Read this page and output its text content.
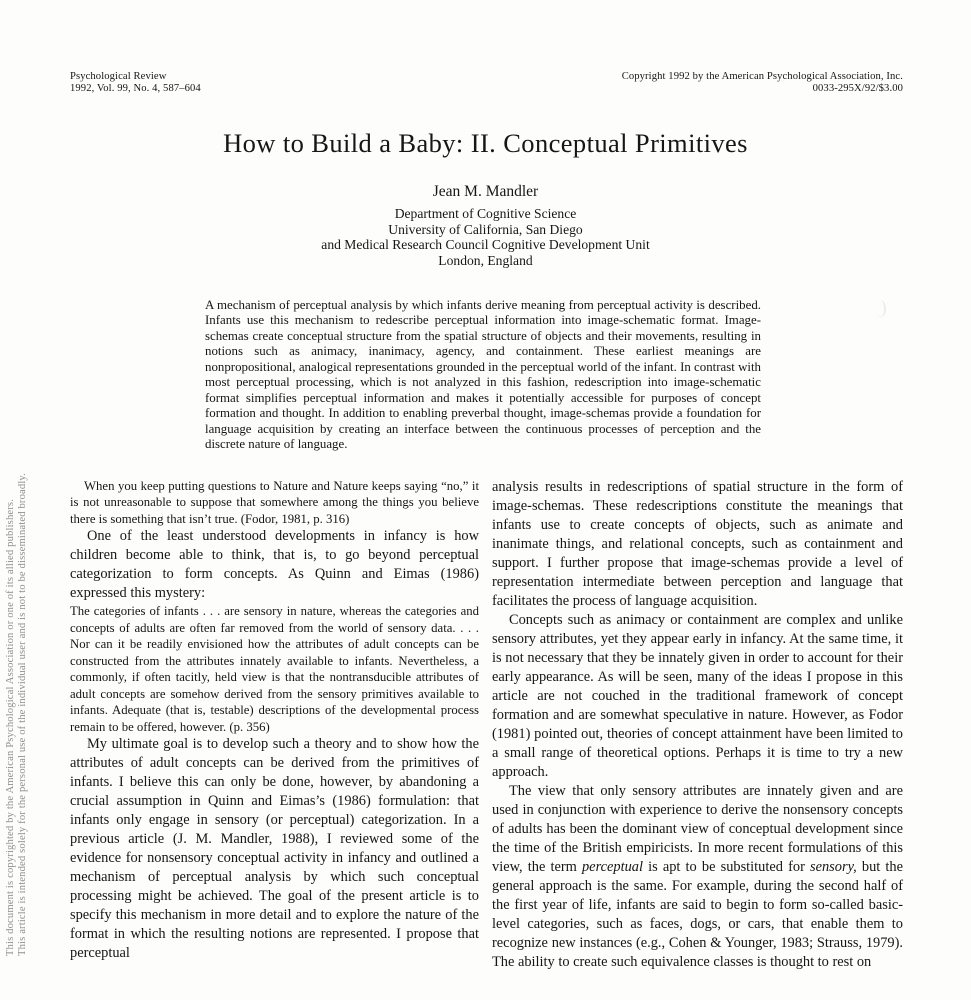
This document is copyrighted by the American Psychological Association or one of its allied publishers. This article is intended solely for the personal use of the individual user and is not to be disseminated broadly.
Psychological Review
1992, Vol. 99, No. 4, 587–604
Copyright 1992 by the American Psychological Association, Inc.
0033-295X/92/$3.00
How to Build a Baby: II. Conceptual Primitives
Jean M. Mandler
Department of Cognitive Science
University of California, San Diego
and Medical Research Council Cognitive Development Unit
London, England
A mechanism of perceptual analysis by which infants derive meaning from perceptual activity is described. Infants use this mechanism to redescribe perceptual information into image-schematic format. Image-schemas create conceptual structure from the spatial structure of objects and their movements, resulting in notions such as animacy, inanimacy, agency, and containment. These earliest meanings are nonpropositional, analogical representations grounded in the perceptual world of the infant. In contrast with most perceptual processing, which is not analyzed in this fashion, redescription into image-schematic format simplifies perceptual information and makes it potentially accessible for purposes of concept formation and thought. In addition to enabling preverbal thought, image-schemas provide a foundation for language acquisition by creating an interface between the continuous processes of perception and the discrete nature of language.

When you keep putting questions to Nature and Nature keeps saying “no,” it is not unreasonable to suppose that somewhere among the things you believe there is something that isn’t true. (Fodor, 1981, p. 316)

One of the least understood developments in infancy is how children become able to think, that is, to go beyond perceptual categorization to form concepts. As Quinn and Eimas (1986) expressed this mystery:

The categories of infants . . . are sensory in nature, whereas the categories and concepts of adults are often far removed from the world of sensory data. . . . Nor can it be readily envisioned how the attributes of adult concepts can be constructed from the attributes innately available to infants. Nevertheless, a commonly, if often tacitly, held view is that the nontransducible attributes of adult concepts are somehow derived from the sensory primitives available to infants. Adequate (that is, testable) descriptions of the developmental process remain to be offered, however. (p. 356)

My ultimate goal is to develop such a theory and to show how the attributes of adult concepts can be derived from the primitives of infants. I believe this can only be done, however, by abandoning a crucial assumption in Quinn and Eimas’s (1986) formulation: that infants only engage in sensory (or perceptual) categorization. In a previous article (J. M. Mandler, 1988), I reviewed some of the evidence for nonsensory conceptual activity in infancy and outlined a mechanism of perceptual analysis by which such conceptual processing might be achieved. The goal of the present article is to specify this mechanism in more detail and to explore the nature of the format in which the resulting notions are represented. I propose that perceptual

analysis results in redescriptions of spatial structure in the form of image-schemas. These redescriptions constitute the meanings that infants use to create concepts of objects, such as animate and inanimate things, and relational concepts, such as containment and support. I further propose that image-schemas provide a level of representation intermediate between perception and language that facilitates the process of language acquisition.

Concepts such as animacy or containment are complex and unlike sensory attributes, yet they appear early in infancy. At the same time, it is not necessary that they be innately given in order to account for their early appearance. As will be seen, many of the ideas I propose in this article are not couched in the traditional framework of concept formation and are somewhat speculative in nature. However, as Fodor (1981) pointed out, theories of concept attainment have been limited to a small range of theoretical options. Perhaps it is time to try a new approach.

The view that only sensory attributes are innately given and are used in conjunction with experience to derive the nonsensory concepts of adults has been the dominant view of conceptual development since the time of the British empiricists. In more recent formulations of this view, the term perceptual is apt to be substituted for sensory, but the general approach is the same. For example, during the second half of the first year of life, infants are said to begin to form so-called basic-level categories, such as faces, dogs, or cars, that enable them to recognize new instances (e.g., Cohen & Younger, 1983; Strauss, 1979). The ability to create such equivalence classes is thought to rest on
